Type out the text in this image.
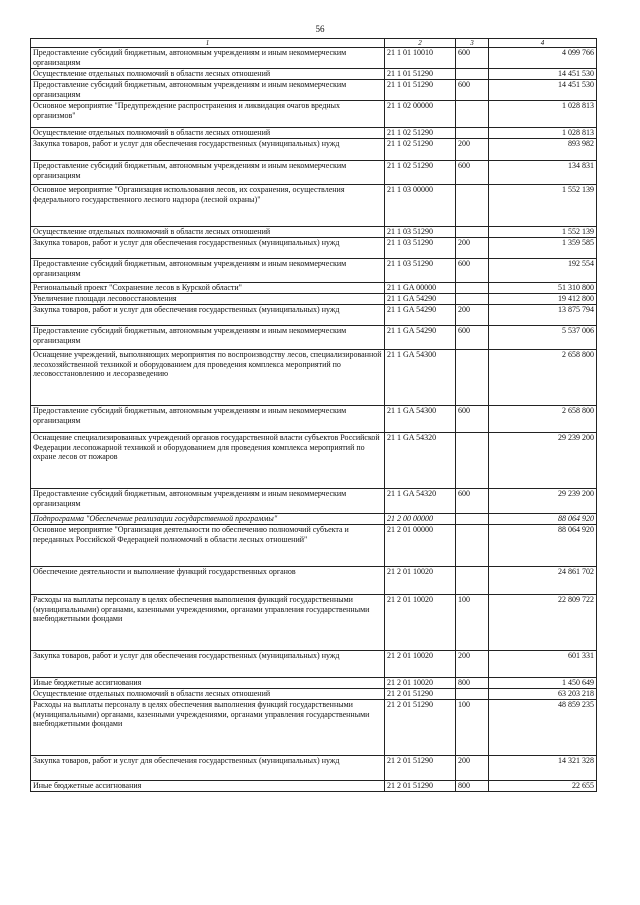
56
1	2	3	4
Предоставление субсидий бюджетным, автономным учреждениям и иным некоммерческим организациям	21 1 01 10010	600	4 099 766
Осуществление отдельных полномочий в области лесных отношений	21 1 01 51290		14 451 530
Предоставление субсидий бюджетным, автономным учреждениям и иным некоммерческим организациям	21 1 01 51290	600	14 451 530
Основное мероприятие "Предупреждение распространения и ликвидация очагов вредных организмов"	21 1 02 00000		1 028 813
Осуществление отдельных полномочий в области лесных отношений	21 1 02 51290		1 028 813
Закупка товаров, работ и услуг для обеспечения государственных (муниципальных) нужд	21 1 02 51290	200	893 982
Предоставление субсидий бюджетным, автономным учреждениям и иным некоммерческим организациям	21 1 02 51290	600	134 831
Основное мероприятие "Организация использования лесов, их сохранения, осуществления федерального государственного лесного надзора (лесной охраны)"	21 1 03 00000		1 552 139
Осуществление отдельных полномочий в области лесных отношений	21 1 03 51290		1 552 139
Закупка товаров, работ и услуг для обеспечения государственных (муниципальных) нужд	21 1 03 51290	200	1 359 585
Предоставление субсидий бюджетным, автономным учреждениям и иным некоммерческим организациям	21 1 03 51290	600	192 554
Региональный проект "Сохранение лесов в Курской области"	21 1 GA 00000		51 310 800
Увеличение площади лесовосстановления	21 1 GA 54290		19 412 800
Закупка товаров, работ и услуг для обеспечения государственных (муниципальных) нужд	21 1 GA 54290	200	13 875 794
Предоставление субсидий бюджетным, автономным учреждениям и иным некоммерческим организациям	21 1 GA 54290	600	5 537 006
Оснащение учреждений, выполняющих мероприятия по воспроизводству лесов, специализированной лесохозяйственной техникой и оборудованием для проведения комплекса мероприятий по лесовосстановлению и лесоразведению	21 1 GA 54300		2 658 800
Предоставление субсидий бюджетным, автономным учреждениям и иным некоммерческим организациям	21 1 GA 54300	600	2 658 800
Оснащение специализированных учреждений органов государственной власти субъектов Российской Федерации лесопожарной техникой и оборудованием для проведения комплекса мероприятий по охране лесов от пожаров	21 1 GA 54320		29 239 200
Предоставление субсидий бюджетным, автономным учреждениям и иным некоммерческим организациям	21 1 GA 54320	600	29 239 200
Подпрограмма "Обеспечение реализации государственной программы"	21 2 00 00000		88 064 920
Основное мероприятие "Организация деятельности по обеспечению полномочий субъекта и переданных Российской Федерацией полномочий в области лесных отношений"	21 2 01 00000		88 064 920
Обеспечение деятельности и выполнение функций государственных органов	21 2 01 10020		24 861 702
Расходы на выплаты персоналу в целях обеспечения выполнения функций государственными (муниципальными) органами, казенными учреждениями, органами управления государственными внебюджетными фондами	21 2 01 10020	100	22 809 722
Закупка товаров, работ и услуг для обеспечения государственных (муниципальных) нужд	21 2 01 10020	200	601 331
Иные бюджетные ассигнования	21 2 01 10020	800	1 450 649
Осуществление отдельных полномочий в области лесных отношений	21 2 01 51290		63 203 218
Расходы на выплаты персоналу в целях обеспечения выполнения функций государственными (муниципальными) органами, казенными учреждениями, органами управления государственными внебюджетными фондами	21 2 01 51290	100	48 859 235
Закупка товаров, работ и услуг для обеспечения государственных (муниципальных) нужд	21 2 01 51290	200	14 321 328
Иные бюджетные ассигнования	21 2 01 51290	800	22 655
